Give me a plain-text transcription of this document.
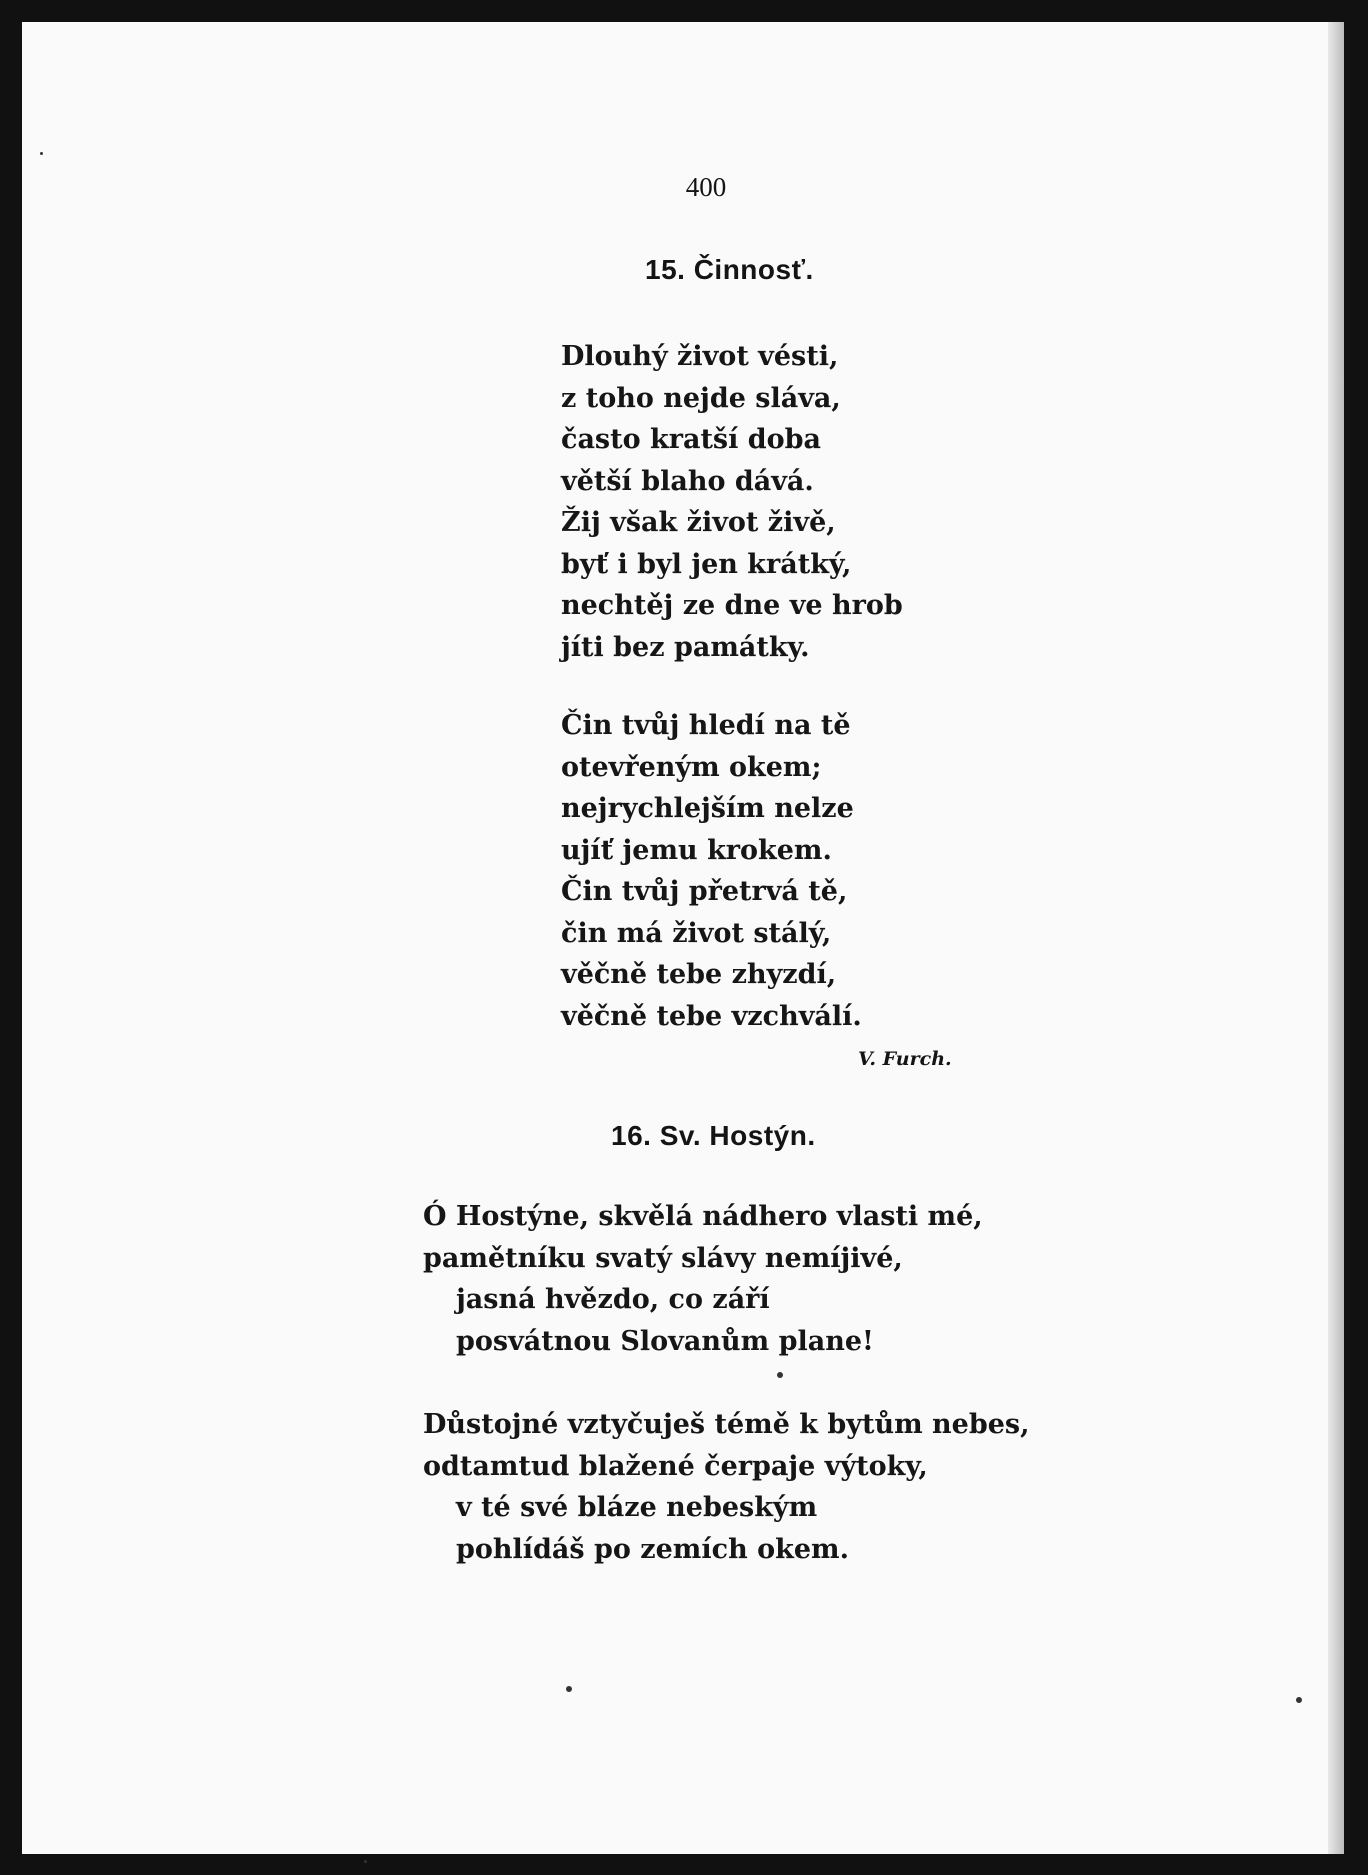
400
15. Činnosť.
Dlouhý život vésti,
z toho nejde sláva,
často kratší doba
větší blaho dává.
Žij však život živě,
byť i byl jen krátký,
nechtěj ze dne ve hrob
jíti bez památky.
Čin tvůj hledí na tě
otevřeným okem;
nejrychlejším nelze
ujíť jemu krokem.
Čin tvůj přetrvá tě,
čin má život stálý,
věčně tebe zhyzdí,
věčně tebe vzchválí.
V. Furch.
16. Sv. Hostýn.
Ó Hostýne, skvělá nádhero vlasti mé,
pamětníku svatý slávy nemíjivé,
jasná hvězdo, co září
posvátnou Slovanům plane!
Důstojné vztyčuješ témě k bytům nebes,
odtamtud blažené čerpaje výtoky,
v té své bláze nebeským
pohlídáš po zemích okem.
